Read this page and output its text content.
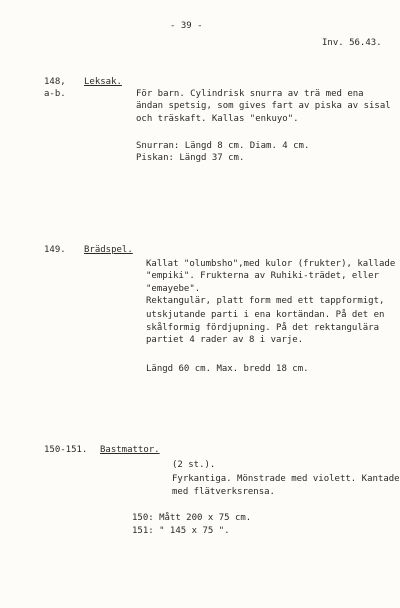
- 39 -
Inv. 56.43.
148, Leksak.
a-b.	För barn. Cylindrisk snurra av trä med ena
ändan spetsig, som gives fart av piska av sisal
och träskaft. Kallas "enkuyo".
Snurran: Längd 8 cm. Diam. 4 cm.
Piskan: Längd 37 cm.
149. Brädspel.
Kallat "olumbsho",med kulor (frukter), kallade
"empiki". Frukterna av Ruhiki-trädet, eller
"emayebe".
Rektangulär, platt form med ett tappformigt,
utskjutande parti i ena kortändan. På det en
skålformig fördjupning. På det rektangulära
partiet 4 rader av 8 i varje.
Längd 60 cm. Max. bredd 18 cm.
150-151. Bastmattor.
(2 st.).
Fyrkantiga. Mönstrade med violett. Kantade
med flätverksrensa.
150: Mått 200 x 75 cm.
151: " 145 x 75 ".
